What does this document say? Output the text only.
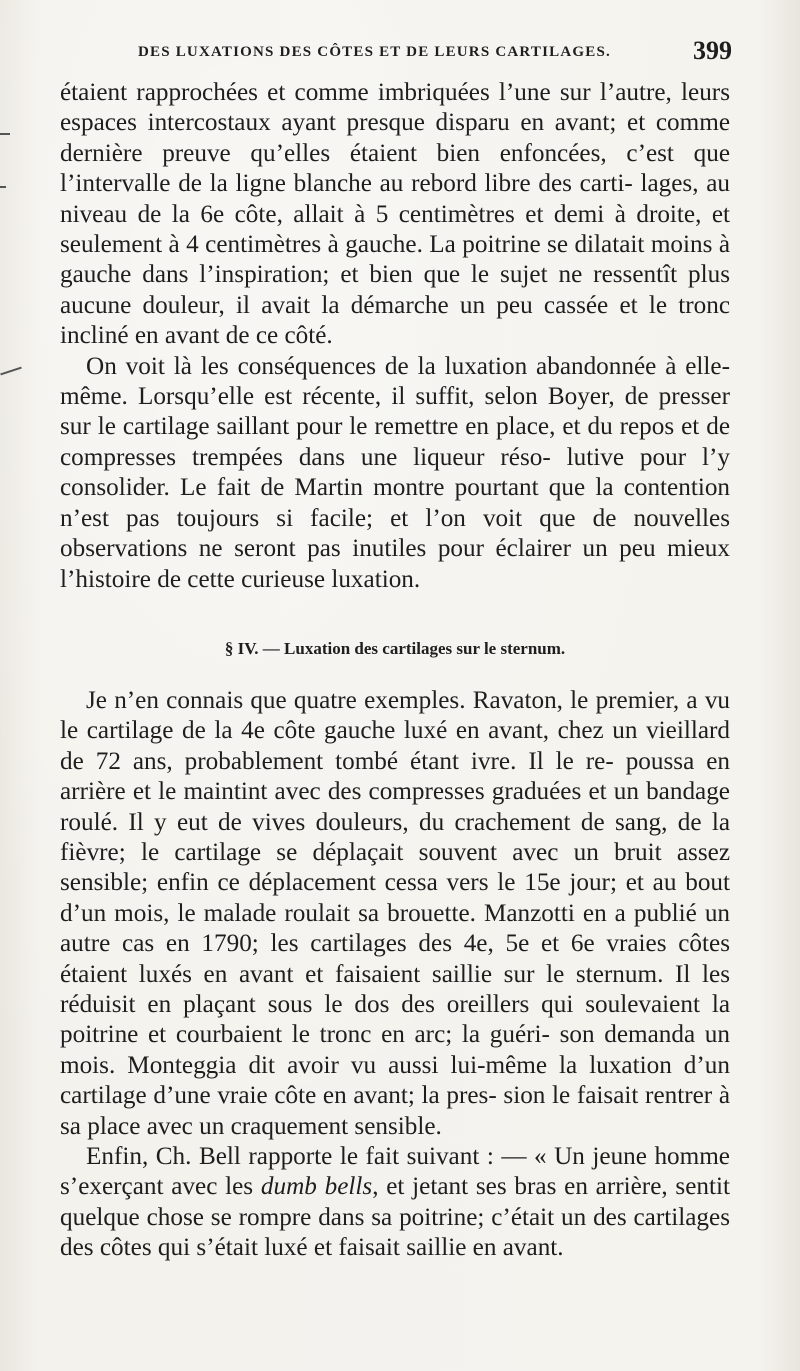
DES LUXATIONS DES CÔTES ET DE LEURS CARTILAGES.	399

étaient rapprochées et comme imbriquées l’une sur l’autre, leurs espaces intercostaux ayant presque disparu en avant; et comme dernière preuve qu’elles étaient bien enfoncées, c’est que l’intervalle de la ligne blanche au rebord libre des carti- lages, au niveau de la 6e côte, allait à 5 centimètres et demi à droite, et seulement à 4 centimètres à gauche. La poitrine se dilatait moins à gauche dans l’inspiration; et bien que le sujet ne ressentît plus aucune douleur, il avait la démarche un peu cassée et le tronc incliné en avant de ce côté.

On voit là les conséquences de la luxation abandonnée à elle-même. Lorsqu’elle est récente, il suffit, selon Boyer, de presser sur le cartilage saillant pour le remettre en place, et du repos et de compresses trempées dans une liqueur réso- lutive pour l’y consolider. Le fait de Martin montre pourtant que la contention n’est pas toujours si facile; et l’on voit que de nouvelles observations ne seront pas inutiles pour éclairer un peu mieux l’histoire de cette curieuse luxation.

§ IV. — Luxation des cartilages sur le sternum.

Je n’en connais que quatre exemples. Ravaton, le premier, a vu le cartilage de la 4e côte gauche luxé en avant, chez un vieillard de 72 ans, probablement tombé étant ivre. Il le re- poussa en arrière et le maintint avec des compresses graduées et un bandage roulé. Il y eut de vives douleurs, du crachement de sang, de la fièvre; le cartilage se déplaçait souvent avec un bruit assez sensible; enfin ce déplacement cessa vers le 15e jour; et au bout d’un mois, le malade roulait sa brouette. Manzotti en a publié un autre cas en 1790; les cartilages des 4e, 5e et 6e vraies côtes étaient luxés en avant et faisaient saillie sur le sternum. Il les réduisit en plaçant sous le dos des oreillers qui soulevaient la poitrine et courbaient le tronc en arc; la guéri- son demanda un mois. Monteggia dit avoir vu aussi lui-même la luxation d’un cartilage d’une vraie côte en avant; la pres- sion le faisait rentrer à sa place avec un craquement sensible.

Enfin, Ch. Bell rapporte le fait suivant : — « Un jeune homme s’exerçant avec les dumb bells, et jetant ses bras en arrière, sentit quelque chose se rompre dans sa poitrine; c’était un des cartilages des côtes qui s’était luxé et faisait saillie en avant.
